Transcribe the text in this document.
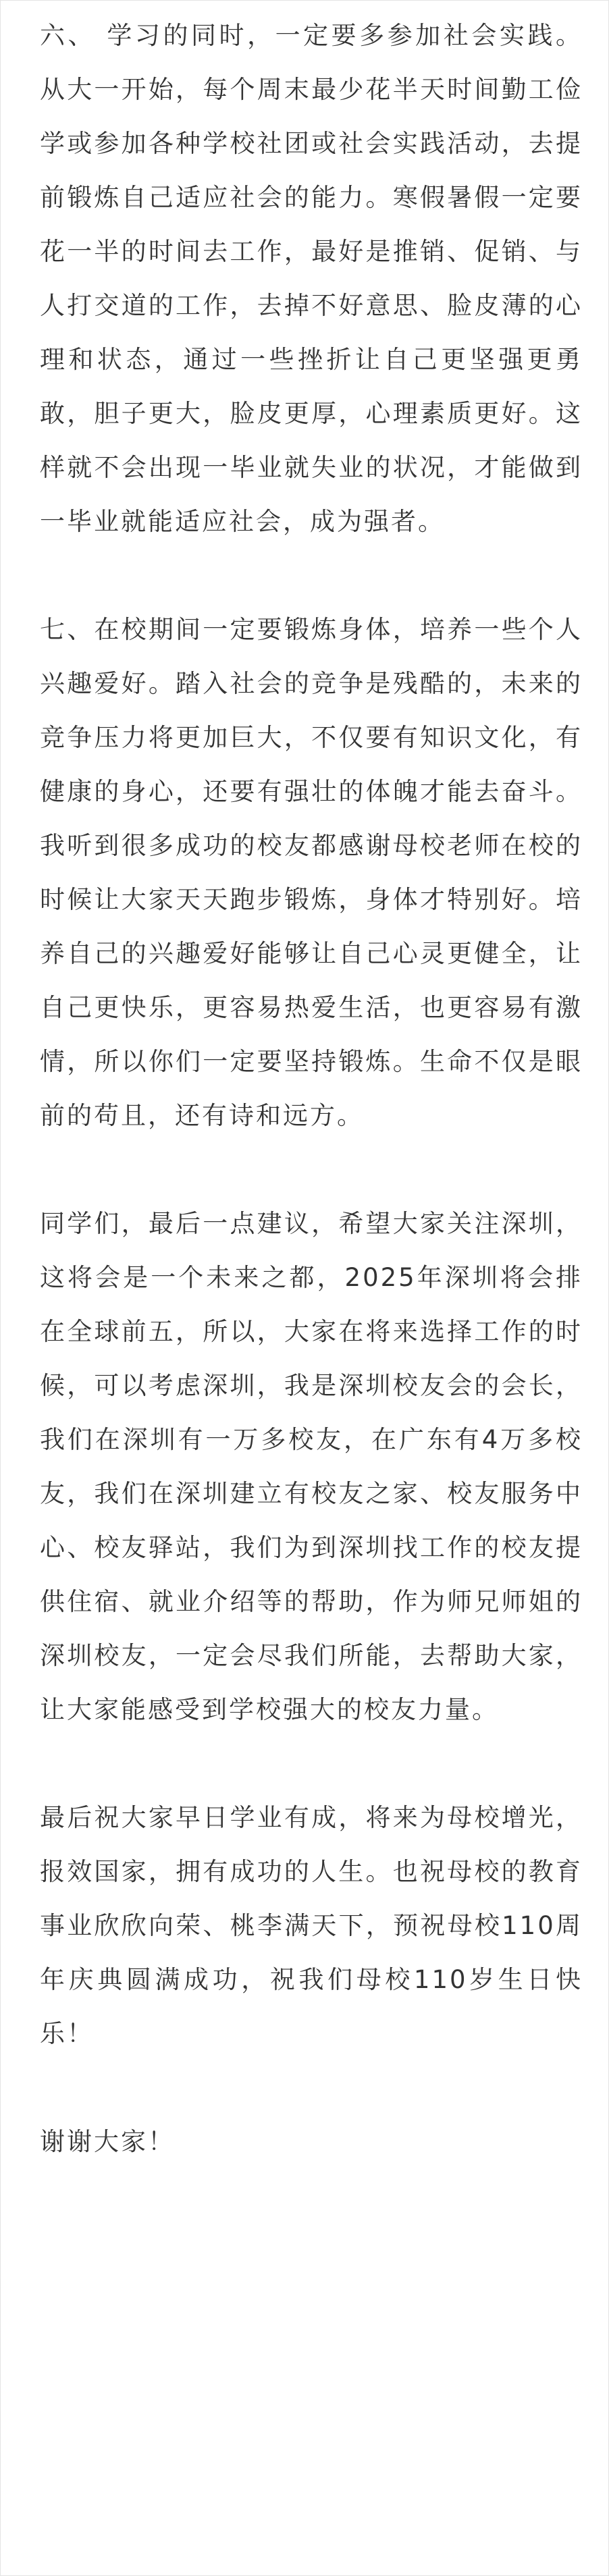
六、 学习的同时，一定要多参加社会实践。从大一开始，每个周末最少花半天时间勤工俭学或参加各种学校社团或社会实践活动，去提前锻炼自己适应社会的能力。寒假暑假一定要花一半的时间去工作，最好是推销、促销、与人打交道的工作，去掉不好意思、脸皮薄的心理和状态，通过一些挫折让自己更坚强更勇敢，胆子更大，脸皮更厚，心理素质更好。这样就不会出现一毕业就失业的状况，才能做到一毕业就能适应社会，成为强者。

七、在校期间一定要锻炼身体，培养一些个人兴趣爱好。踏入社会的竞争是残酷的，未来的竞争压力将更加巨大，不仅要有知识文化，有健康的身心，还要有强壮的体魄才能去奋斗。我听到很多成功的校友都感谢母校老师在校的时候让大家天天跑步锻炼，身体才特别好。培养自己的兴趣爱好能够让自己心灵更健全，让自己更快乐，更容易热爱生活，也更容易有激情，所以你们一定要坚持锻炼。生命不仅是眼前的苟且，还有诗和远方。

同学们，最后一点建议，希望大家关注深圳，这将会是一个未来之都，2025年深圳将会排在全球前五，所以，大家在将来选择工作的时候，可以考虑深圳，我是深圳校友会的会长，我们在深圳有一万多校友，在广东有4万多校友，我们在深圳建立有校友之家、校友服务中心、校友驿站，我们为到深圳找工作的校友提供住宿、就业介绍等的帮助，作为师兄师姐的深圳校友，一定会尽我们所能，去帮助大家，让大家能感受到学校强大的校友力量。

最后祝大家早日学业有成，将来为母校增光，报效国家，拥有成功的人生。也祝母校的教育事业欣欣向荣、桃李满天下，预祝母校110周年庆典圆满成功，祝我们母校110岁生日快乐！

谢谢大家！
